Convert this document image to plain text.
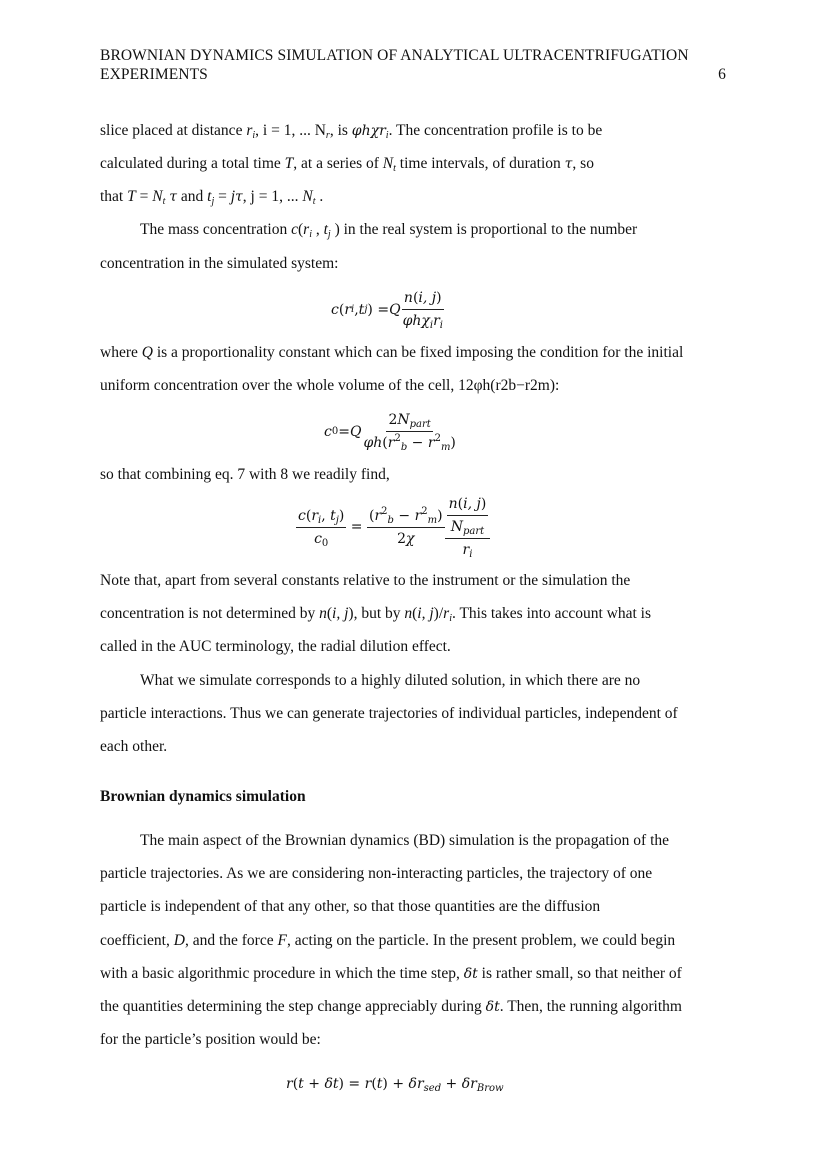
BROWNIAN DYNAMICS SIMULATION OF ANALYTICAL ULTRACENTRIFUGATION
EXPERIMENTS	6
slice placed at distance $r_i$, i = 1, ... $N_r$, is φhχr$_i$. The concentration profile is to be
calculated during a total time T, at a series of $N_t$ time intervals, of duration τ, so
that $T = N_t$ τ and $t_j = j\tau$, j = 1, ... $N_t$ .
The mass concentration $c(r_i$ , $t_j$ ) in the real system is proportional to the number
concentration in the simulated system:
c ( r i , t j ) = Q $\frac{n(i, j)}{\varphi h\chi_ir_i}$
where Q is a proportionality constant which can be fixed imposing the condition for the initial
uniform concentration over the whole volume of the cell, 12φh(r2b−r2m):
c 0 = Q $\frac{2N_{part}}{\varphi h(r^2_b - r^2_m)}$
so that combining eq. 7 with 8 we readily find,
$\frac{c(r_i, t_j)}{c_0} = \frac{(r^2_b - r^2_m)}{2\chi} \frac{\frac{n(i, j)}{N_{part}}}{r_i}$
Note that, apart from several constants relative to the instrument or the simulation the
concentration is not determined by n(i, j), but by n(i, $j)/r_i$. This takes into account what is
called in the AUC terminology, the radial dilution effect.
What we simulate corresponds to a highly diluted solution, in which there are no
particle interactions. Thus we can generate trajectories of individual particles, independent of
each other.
Brownian dynamics simulation
The main aspect of the Brownian dynamics (BD) simulation is the propagation of the
particle trajectories. As we are considering non-interacting particles, the trajectory of one
particle is independent of that any other, so that those quantities are the diffusion
coefficient, D, and the force F, acting on the particle. In the present problem, we could begin
with a basic algorithmic procedure in which the time step, δt is rather small, so that neither of
the quantities determining the step change appreciably during δt. Then, the running algorithm
for the particle’s position would be:
$r(t + \delta t) = r(t) + \delta r_{sed} + \delta r_{Brow}$
